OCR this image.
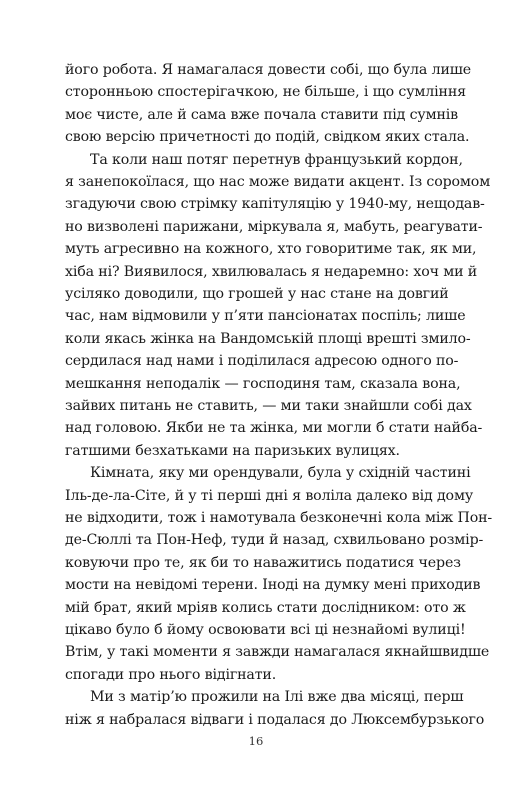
його робота. Я намагалася довести собі, що була лише
сторонньою спостерігачкою, не більше, і що сумління
моє чисте, але й сама вже почала ставити під сумнів
свою версію причетності до подій, свідком яких стала.
Та коли наш потяг перетнув французький кордон,
я занепокоїлася, що нас може видати акцент. Із соромом
згадуючи свою стрімку капітуляцію у 1940-му, нещодав-
но визволені парижани, міркувала я, мабуть, реагувати-
муть агресивно на кожного, хто говоритиме так, як ми,
хіба ні? Виявилося, хвилювалась я недаремно: хоч ми й
усіляко доводили, що грошей у нас стане на довгий
час, нам відмовили у п’яти пансіонатах поспіль; лише
коли якась жінка на Вандомській площі врешті змило-
сердилася над нами і поділилася адресою одного по-
мешкання неподалік — господиня там, сказала вона,
зайвих питань не ставить, — ми таки знайшли собі дах
над головою. Якби не та жінка, ми могли б стати найба-
гатшими безхатьками на паризьких вулицях.
Кімната, яку ми орендували, була у східній частині
Іль-де-ла-Сіте, й у ті перші дні я воліла далеко від дому
не відходити, тож і намотувала безконечні кола між Пон-
де-Сюллі та Пон-Неф, туди й назад, схвильовано розмір-
ковуючи про те, як би то наважитись податися через
мости на невідомі терени. Іноді на думку мені приходив
мій брат, який мріяв колись стати дослідником: ото ж
цікаво було б йому освоювати всі ці незнайомі вулиці!
Втім, у такі моменти я завжди намагалася якнайшвидше
спогади про нього відігнати.
Ми з матір’ю прожили на Ілі вже два місяці, перш
ніж я набралася відваги і подалася до Люксембурзького
16
